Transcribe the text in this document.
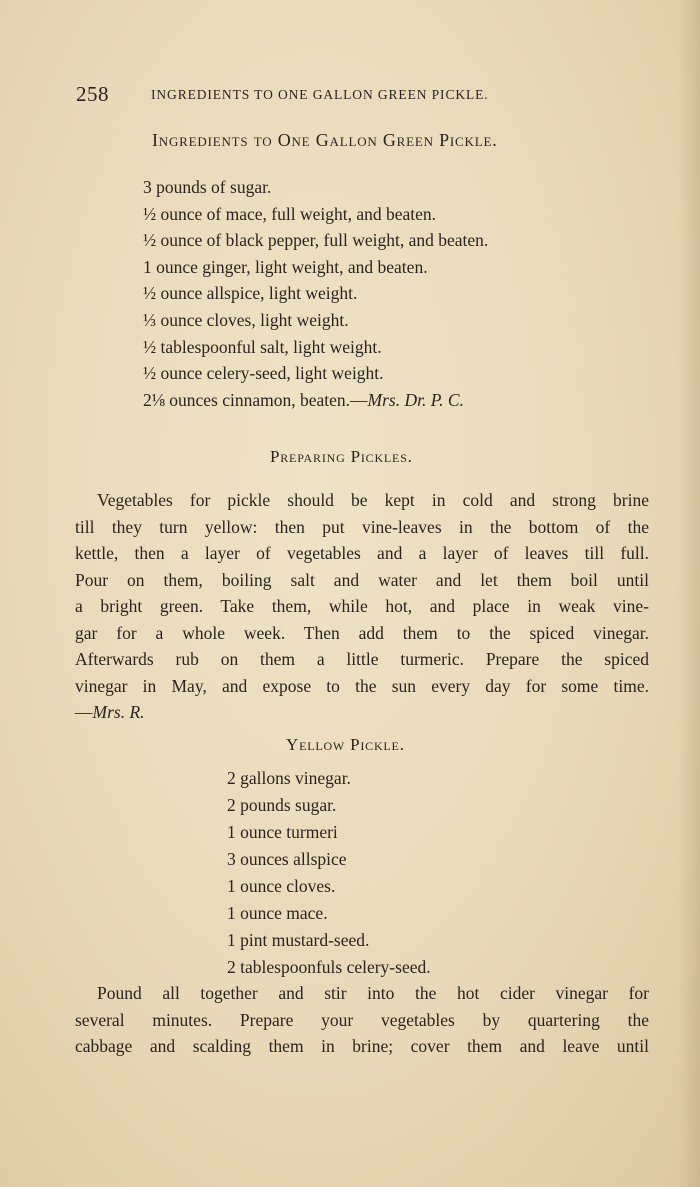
258	INGREDIENTS TO ONE GALLON GREEN PICKLE.
Ingredients to One Gallon Green Pickle.
3 pounds of sugar.
½ ounce of mace, full weight, and beaten.
½ ounce of black pepper, full weight, and beaten.
1 ounce ginger, light weight, and beaten.
½ ounce allspice, light weight.
⅓ ounce cloves, light weight.
½ tablespoonful salt, light weight.
½ ounce celery-seed, light weight.
2⅛ ounces cinnamon, beaten.—Mrs. Dr. P. C.
Preparing Pickles.
Vegetables for pickle should be kept in cold and strong brine
till they turn yellow: then put vine-leaves in the bottom of the
kettle, then a layer of vegetables and a layer of leaves till full.
Pour on them, boiling salt and water and let them boil until
a bright green. Take them, while hot, and place in weak vine-
gar for a whole week. Then add them to the spiced vinegar.
Afterwards rub on them a little turmeric. Prepare the spiced
vinegar in May, and expose to the sun every day for some time.
—Mrs. R.
Yellow Pickle.
2 gallons vinegar.
2 pounds sugar.
1 ounce turmeri
3 ounces allspice
1 ounce cloves.
1 ounce mace.
1 pint mustard-seed.
2 tablespoonfuls celery-seed.
Pound all together and stir into the hot cider vinegar for
several minutes. Prepare your vegetables by quartering the
cabbage and scalding them in brine; cover them and leave until
